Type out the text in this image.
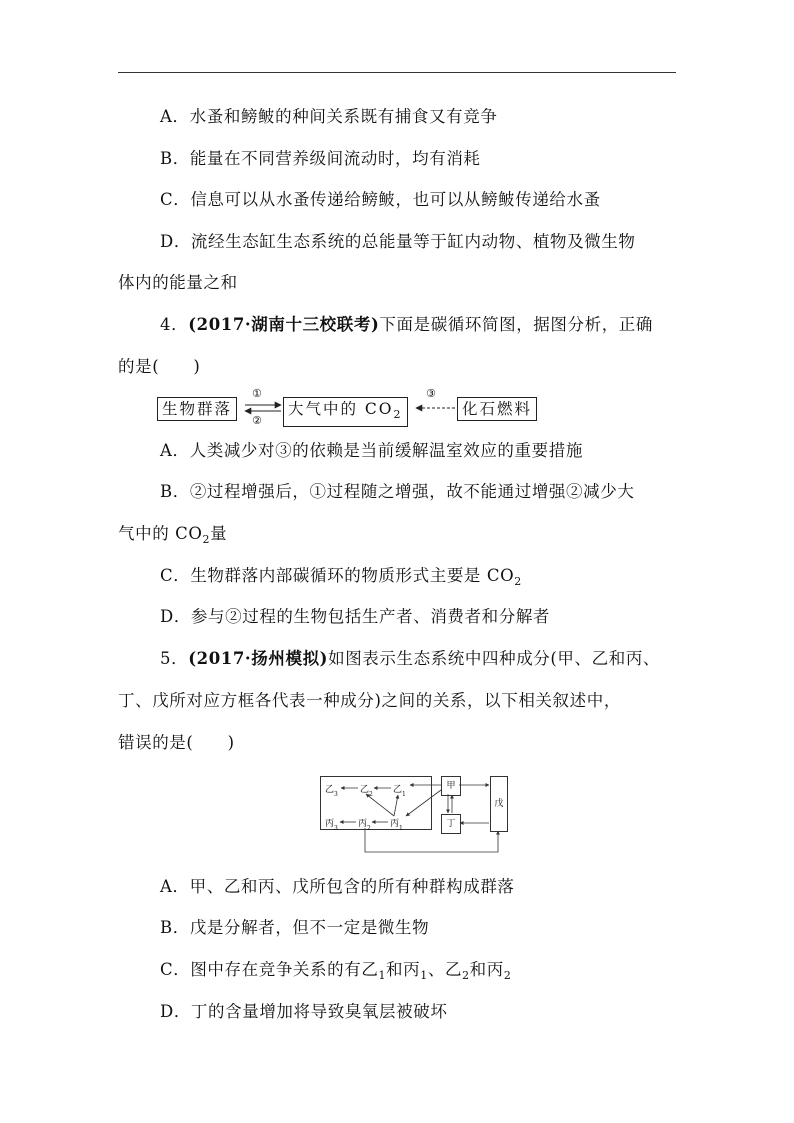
A．水蚤和鳑鲏的种间关系既有捕食又有竞争
B．能量在不同营养级间流动时，均有消耗
C．信息可以从水蚤传递给鳑鲏，也可以从鳑鲏传递给水蚤
D．流经生态缸生态系统的总能量等于缸内动物、植物及微生物
体内的能量之和
4．(2017·湖南十三校联考)下面是碳循环简图，据图分析，正确
的是(　　)
生物群落	大气中的 $CO_2$	化石燃料
①
②
③
A．人类减少对③的依赖是当前缓解温室效应的重要措施
B．②过程增强后，①过程随之增强，故不能通过增强②减少大
气中的 $CO_2$量
C．生物群落内部碳循环的物质形式主要是 $CO_2$
D．参与②过程的生物包括生产者、消费者和分解者
5．(2017·扬州模拟)如图表示生态系统中四种成分(甲、乙和丙、
丁、戊所对应方框各代表一种成分)之间的关系，以下相关叙述中，
错误的是(　　)
甲
丁
戊
乙$_3$ 乙$_2$ 乙$_1$
丙$_3$ 丙$_2$ 丙$_1$
A．甲、乙和丙、戊所包含的所有种群构成群落
B．戊是分解者，但不一定是微生物
C．图中存在竞争关系的有乙$_1$和丙$_1$、乙$_2$和丙$_2$
D．丁的含量增加将导致臭氧层被破坏
